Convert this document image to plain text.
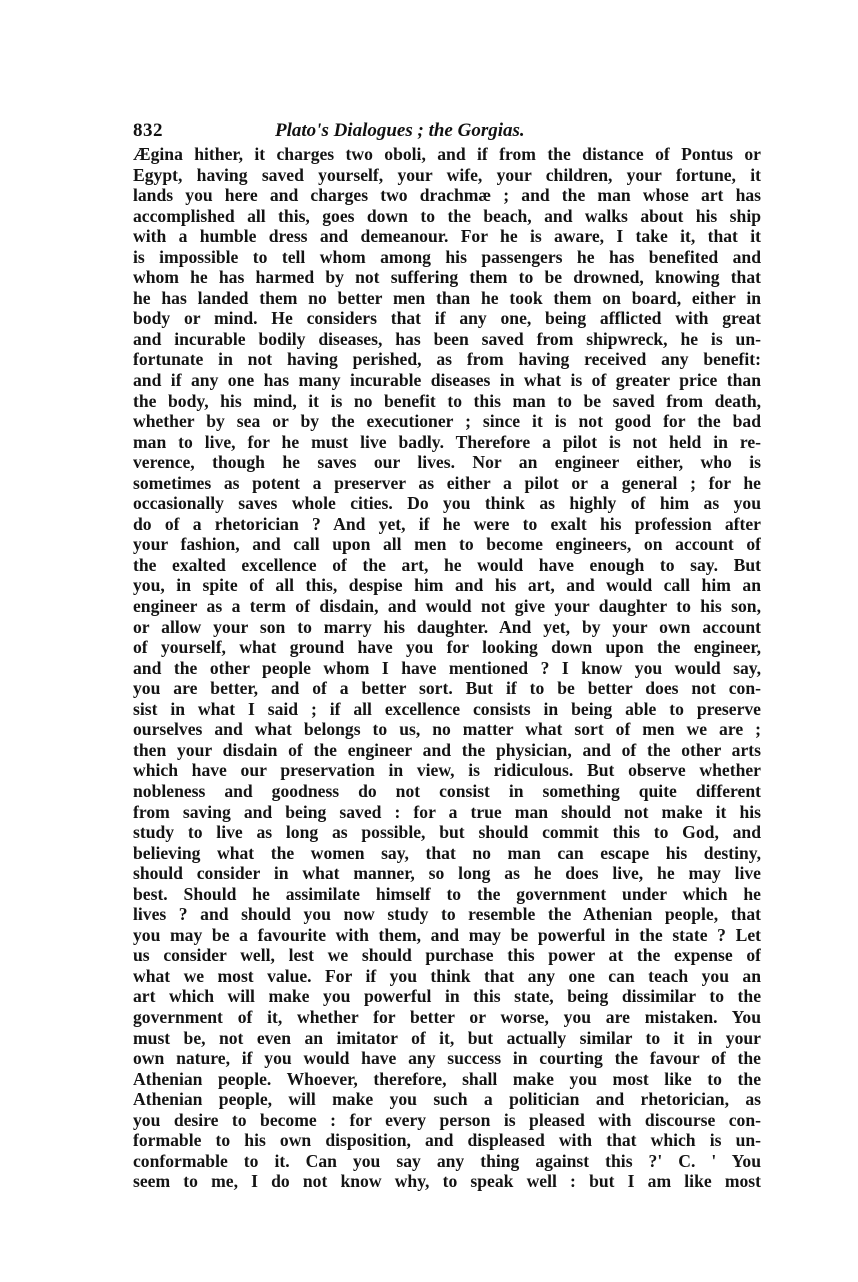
832	Plato's Dialogues ; the Gorgias.
Ægina hither, it charges two oboli, and if from the distance of Pontus or
Egypt, having saved yourself, your wife, your children, your fortune, it
lands you here and charges two drachmæ ; and the man whose art has
accomplished all this, goes down to the beach, and walks about his ship
with a humble dress and demeanour. For he is aware, I take it, that it
is impossible to tell whom among his passengers he has benefited and
whom he has harmed by not suffering them to be drowned, knowing that
he has landed them no better men than he took them on board, either in
body or mind. He considers that if any one, being afflicted with great
and incurable bodily diseases, has been saved from shipwreck, he is un-
fortunate in not having perished, as from having received any benefit:
and if any one has many incurable diseases in what is of greater price than
the body, his mind, it is no benefit to this man to be saved from death,
whether by sea or by the executioner ; since it is not good for the bad
man to live, for he must live badly. Therefore a pilot is not held in re-
verence, though he saves our lives. Nor an engineer either, who is
sometimes as potent a preserver as either a pilot or a general ; for he
occasionally saves whole cities. Do you think as highly of him as you
do of a rhetorician ? And yet, if he were to exalt his profession after
your fashion, and call upon all men to become engineers, on account of
the exalted excellence of the art, he would have enough to say. But
you, in spite of all this, despise him and his art, and would call him an
engineer as a term of disdain, and would not give your daughter to his son,
or allow your son to marry his daughter. And yet, by your own account
of yourself, what ground have you for looking down upon the engineer,
and the other people whom I have mentioned ? I know you would say,
you are better, and of a better sort. But if to be better does not con-
sist in what I said ; if all excellence consists in being able to preserve
ourselves and what belongs to us, no matter what sort of men we are ;
then your disdain of the engineer and the physician, and of the other arts
which have our preservation in view, is ridiculous. But observe whether
nobleness and goodness do not consist in something quite different
from saving and being saved : for a true man should not make it his
study to live as long as possible, but should commit this to God, and
believing what the women say, that no man can escape his destiny,
should consider in what manner, so long as he does live, he may live
best. Should he assimilate himself to the government under which he
lives ? and should you now study to resemble the Athenian people, that
you may be a favourite with them, and may be powerful in the state ? Let
us consider well, lest we should purchase this power at the expense of
what we most value. For if you think that any one can teach you an
art which will make you powerful in this state, being dissimilar to the
government of it, whether for better or worse, you are mistaken. You
must be, not even an imitator of it, but actually similar to it in your
own nature, if you would have any success in courting the favour of the
Athenian people. Whoever, therefore, shall make you most like to the
Athenian people, will make you such a politician and rhetorician, as
you desire to become : for every person is pleased with discourse con-
formable to his own disposition, and displeased with that which is un-
conformable to it. Can you say any thing against this ?' C. ' You
seem to me, I do not know why, to speak well : but I am like most
